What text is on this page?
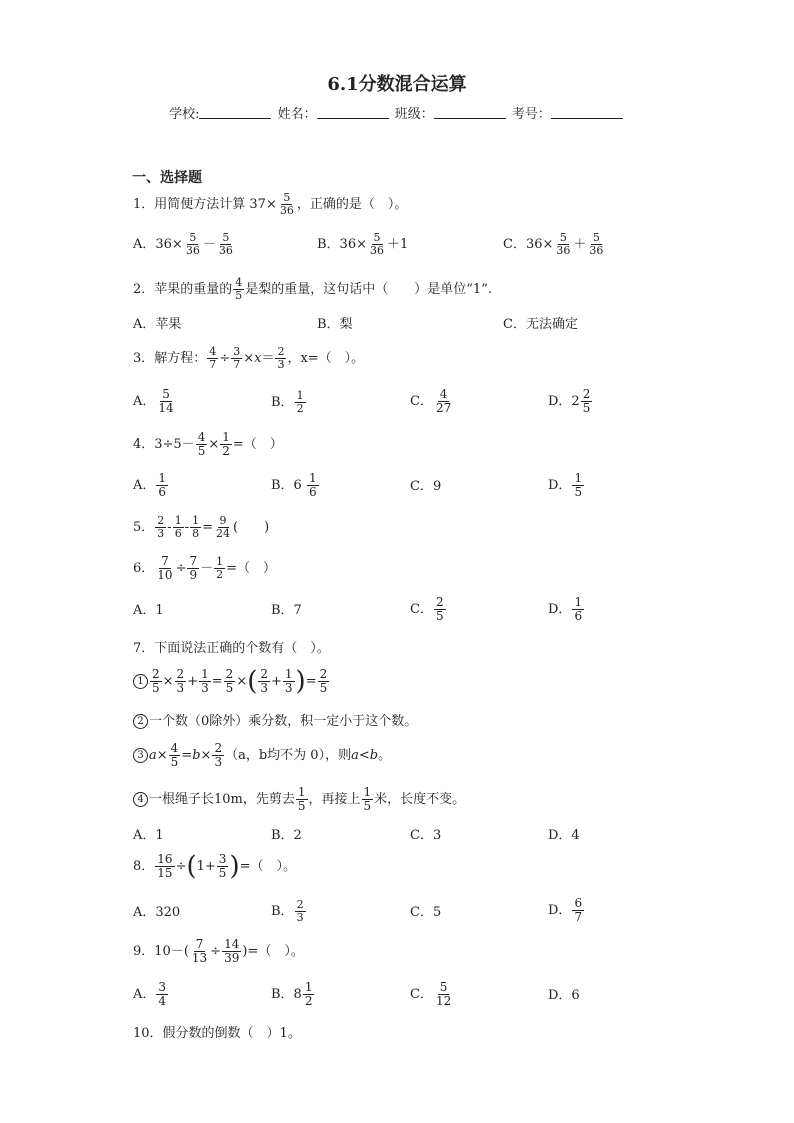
6.1分数混合运算
学校:	姓名：	班级：	考号：
一、选择题
1．用简便方法计算 $37\times \frac{5}{36}$ ，正确的是（　）。
A．$36\times \frac{5}{36} - \frac{5}{36}$	B．$36\times \frac{5}{36} +1$	C．$36\times \frac{5}{36} + \frac{5}{36}$
2．苹果的重量的 $\frac{4}{5}$ 是梨的重量，这句话中（　　）是单位“1”.
A．苹果	B．梨	C．无法确定
3．解方程： $\frac{4}{7} \div \frac{3}{7} \times x= \frac{2}{3}$ ，x=（　）。
A． $\frac{5}{14}$	B． $\frac{1}{2}$	C． $\frac{4}{27}$	D．$2 \frac{2}{5}$
4．$3\div 5- \frac{4}{5} \times \frac{1}{2}$ =（　）
A． $\frac{1}{6}$	B．$6 \frac{1}{6}$	C．9	D． $\frac{1}{5}$
5． $\frac{2}{3} - \frac{1}{6} - \frac{1}{8} = \frac{9}{24}$ (　　)
6． $\frac{7}{10} \div \frac{7}{9} - \frac{1}{2}$ =（　）
A．1	B．7	C． $\frac{2}{5}$	D． $\frac{1}{6}$
7．下面说法正确的个数有（　）。
$1 \frac{2}{5} \times \frac{2}{3} + \frac{1}{3} = \frac{2}{5}$ ×( $\frac{2}{3} + \frac{1}{3}$ )= $\frac{2}{5}$
2 一个数（0除外）乘分数，积一定小于这个数。
3 $a\times \frac{4}{5} =b\times \frac{2}{3} (a$，b均不为 0），则a<b。
4 一根绳子长10m，先剪去 $\frac{1}{5}$ ，再接上 $\frac{1}{5}$ 米，长度不变。
A．1	B．2	C．3	D．4
8． $\frac{16}{15} \div(1+ \frac{3}{5}$ )=（　）。
A．320	B． $\frac{2}{3}$	C．5	D． $\frac{6}{7}$
9．$10-( \frac{7}{13} \div \frac{14}{39}$ )=（　）。
A． $\frac{3}{4}$	B．$8 \frac{1}{2}$	C． $\frac{5}{12}$	D．6
10．假分数的倒数（　）1。
